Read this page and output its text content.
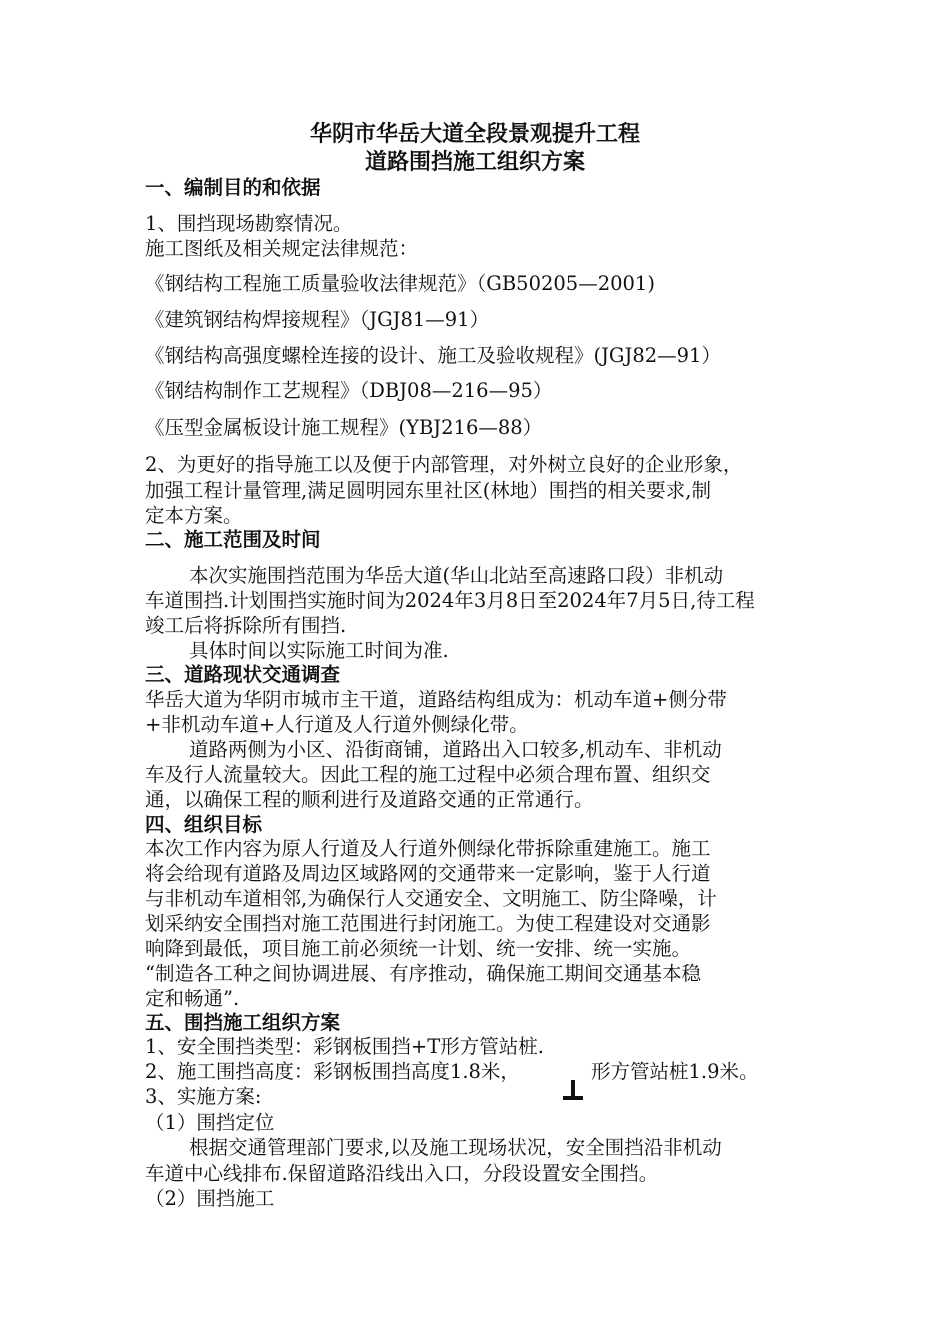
华阴市华岳大道全段景观提升工程
道路围挡施工组织方案
一、编制目的和依据
1、围挡现场勘察情况。
施工图纸及相关规定法律规范：
《钢结构工程施工质量验收法律规范》（GB50205—2001)
《建筑钢结构焊接规程》（JGJ81—91）
《钢结构高强度螺栓连接的设计、施工及验收规程》(JGJ82—91）
《钢结构制作工艺规程》（DBJ08—216—95）
《压型金属板设计施工规程》(YBJ216—88）
2、为更好的指导施工以及便于内部管理，对外树立良好的企业形象，
加强工程计量管理,满足圆明园东里社区(林地）围挡的相关要求,制
定本方案。
二、施工范围及时间
本次实施围挡范围为华岳大道(华山北站至高速路口段）非机动
车道围挡.计划围挡实施时间为2024年3月8日至2024年7月5日,待工程
竣工后将拆除所有围挡.
具体时间以实际施工时间为准.
三、道路现状交通调查
华岳大道为华阴市城市主干道，道路结构组成为：机动车道+侧分带
+非机动车道+人行道及人行道外侧绿化带。
道路两侧为小区、沿街商铺，道路出入口较多,机动车、非机动
车及行人流量较大。因此工程的施工过程中必须合理布置、组织交
通，以确保工程的顺利进行及道路交通的正常通行。
四、组织目标
本次工作内容为原人行道及人行道外侧绿化带拆除重建施工。施工
将会给现有道路及周边区域路网的交通带来一定影响，鉴于人行道
与非机动车道相邻,为确保行人交通安全、文明施工、防尘降噪，计
划采纳安全围挡对施工范围进行封闭施工。为使工程建设对交通影
响降到最低，项目施工前必须统一计划、统一安排、统一实施。
“制造各工种之间协调进展、有序推动，确保施工期间交通基本稳
定和畅通”.
五、围挡施工组织方案
1、安全围挡类型：彩钢板围挡+T形方管站桩.
2、施工围挡高度：彩钢板围挡高度1.8米，	形方管站桩1.9米。
3、实施方案:
（1）围挡定位
根据交通管理部门要求,以及施工现场状况，安全围挡沿非机动
车道中心线排布.保留道路沿线出入口，分段设置安全围挡。
（2）围挡施工
